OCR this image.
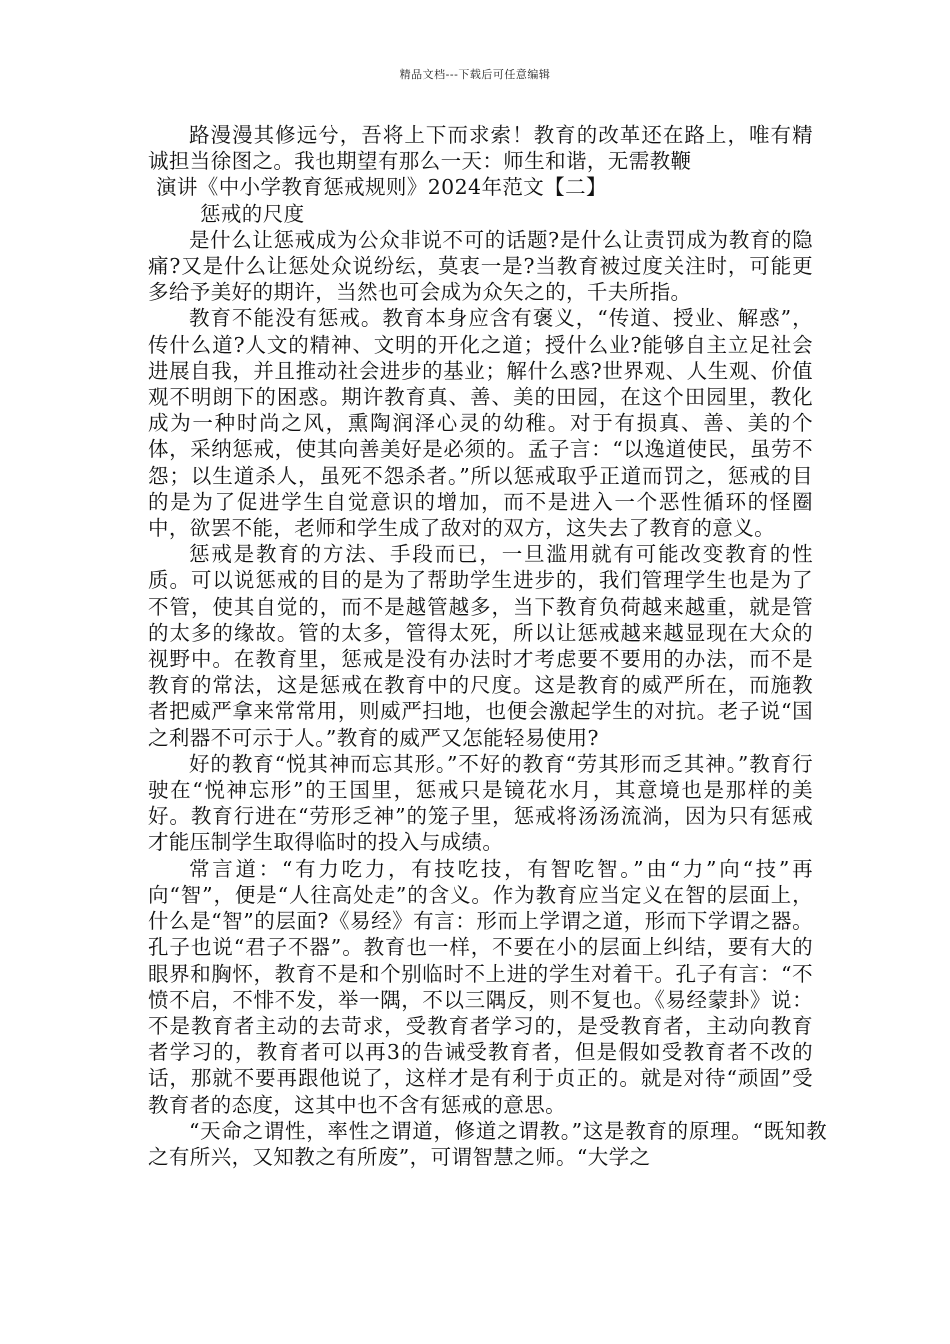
精品文档---下载后可任意编辑

路漫漫其修远兮，吾将上下而求索！教育的改革还在路上，唯有精诚担当徐图之。我也期望有那么一天：师生和谐，无需教鞭

演讲《中小学教育惩戒规则》2024年范文【二】

惩戒的尺度

是什么让惩戒成为公众非说不可的话题?是什么让责罚成为教育的隐痛?又是什么让惩处众说纷纭，莫衷一是?当教育被过度关注时，可能更多给予美好的期许，当然也可会成为众矢之的，千夫所指。

教育不能没有惩戒。教育本身应含有褒义，“传道、授业、解惑”，传什么道?人文的精神、文明的开化之道；授什么业?能够自主立足社会进展自我，并且推动社会进步的基业；解什么惑?世界观、人生观、价值观不明朗下的困惑。期许教育真、善、美的田园，在这个田园里，教化成为一种时尚之风，熏陶润泽心灵的幼稚。对于有损真、善、美的个体，采纳惩戒，使其向善美好是必须的。孟子言：“以逸道使民，虽劳不怨；以生道杀人，虽死不怨杀者。”所以惩戒取乎正道而罚之，惩戒的目的是为了促进学生自觉意识的增加，而不是进入一个恶性循环的怪圈中，欲罢不能，老师和学生成了敌对的双方，这失去了教育的意义。

惩戒是教育的方法、手段而已，一旦滥用就有可能改变教育的性质。可以说惩戒的目的是为了帮助学生进步的，我们管理学生也是为了不管，使其自觉的，而不是越管越多，当下教育负荷越来越重，就是管的太多的缘故。管的太多，管得太死，所以让惩戒越来越显现在大众的视野中。在教育里，惩戒是没有办法时才考虑要不要用的办法，而不是教育的常法，这是惩戒在教育中的尺度。这是教育的威严所在，而施教者把威严拿来常常用，则威严扫地，也便会激起学生的对抗。老子说“国之利器不可示于人。”教育的威严又怎能轻易使用?

好的教育“悦其神而忘其形。”不好的教育“劳其形而乏其神。”教育行驶在“悦神忘形”的王国里，惩戒只是镜花水月，其意境也是那样的美好。教育行进在“劳形乏神”的笼子里，惩戒将汤汤流淌，因为只有惩戒才能压制学生取得临时的投入与成绩。

常言道：“有力吃力，有技吃技，有智吃智。”由“力”向“技”再向“智”，便是“人往高处走”的含义。作为教育应当定义在智的层面上，什么是“智”的层面?《易经》有言：形而上学谓之道，形而下学谓之器。孔子也说“君子不器”。教育也一样，不要在小的层面上纠结，要有大的眼界和胸怀，教育不是和个别临时不上进的学生对着干。孔子有言：“不愤不启，不悱不发，举一隅，不以三隅反，则不复也。《易经蒙卦》说：不是教育者主动的去苛求，受教育者学习的，是受教育者，主动向教育者学习的，教育者可以再3的告诫受教育者，但是假如受教育者不改的话，那就不要再跟他说了，这样才是有利于贞正的。就是对待“顽固”受教育者的态度，这其中也不含有惩戒的意思。

“天命之谓性，率性之谓道，修道之谓教。”这是教育的原理。“既知教之有所兴，又知教之有所废”，可谓智慧之师。“大学之
